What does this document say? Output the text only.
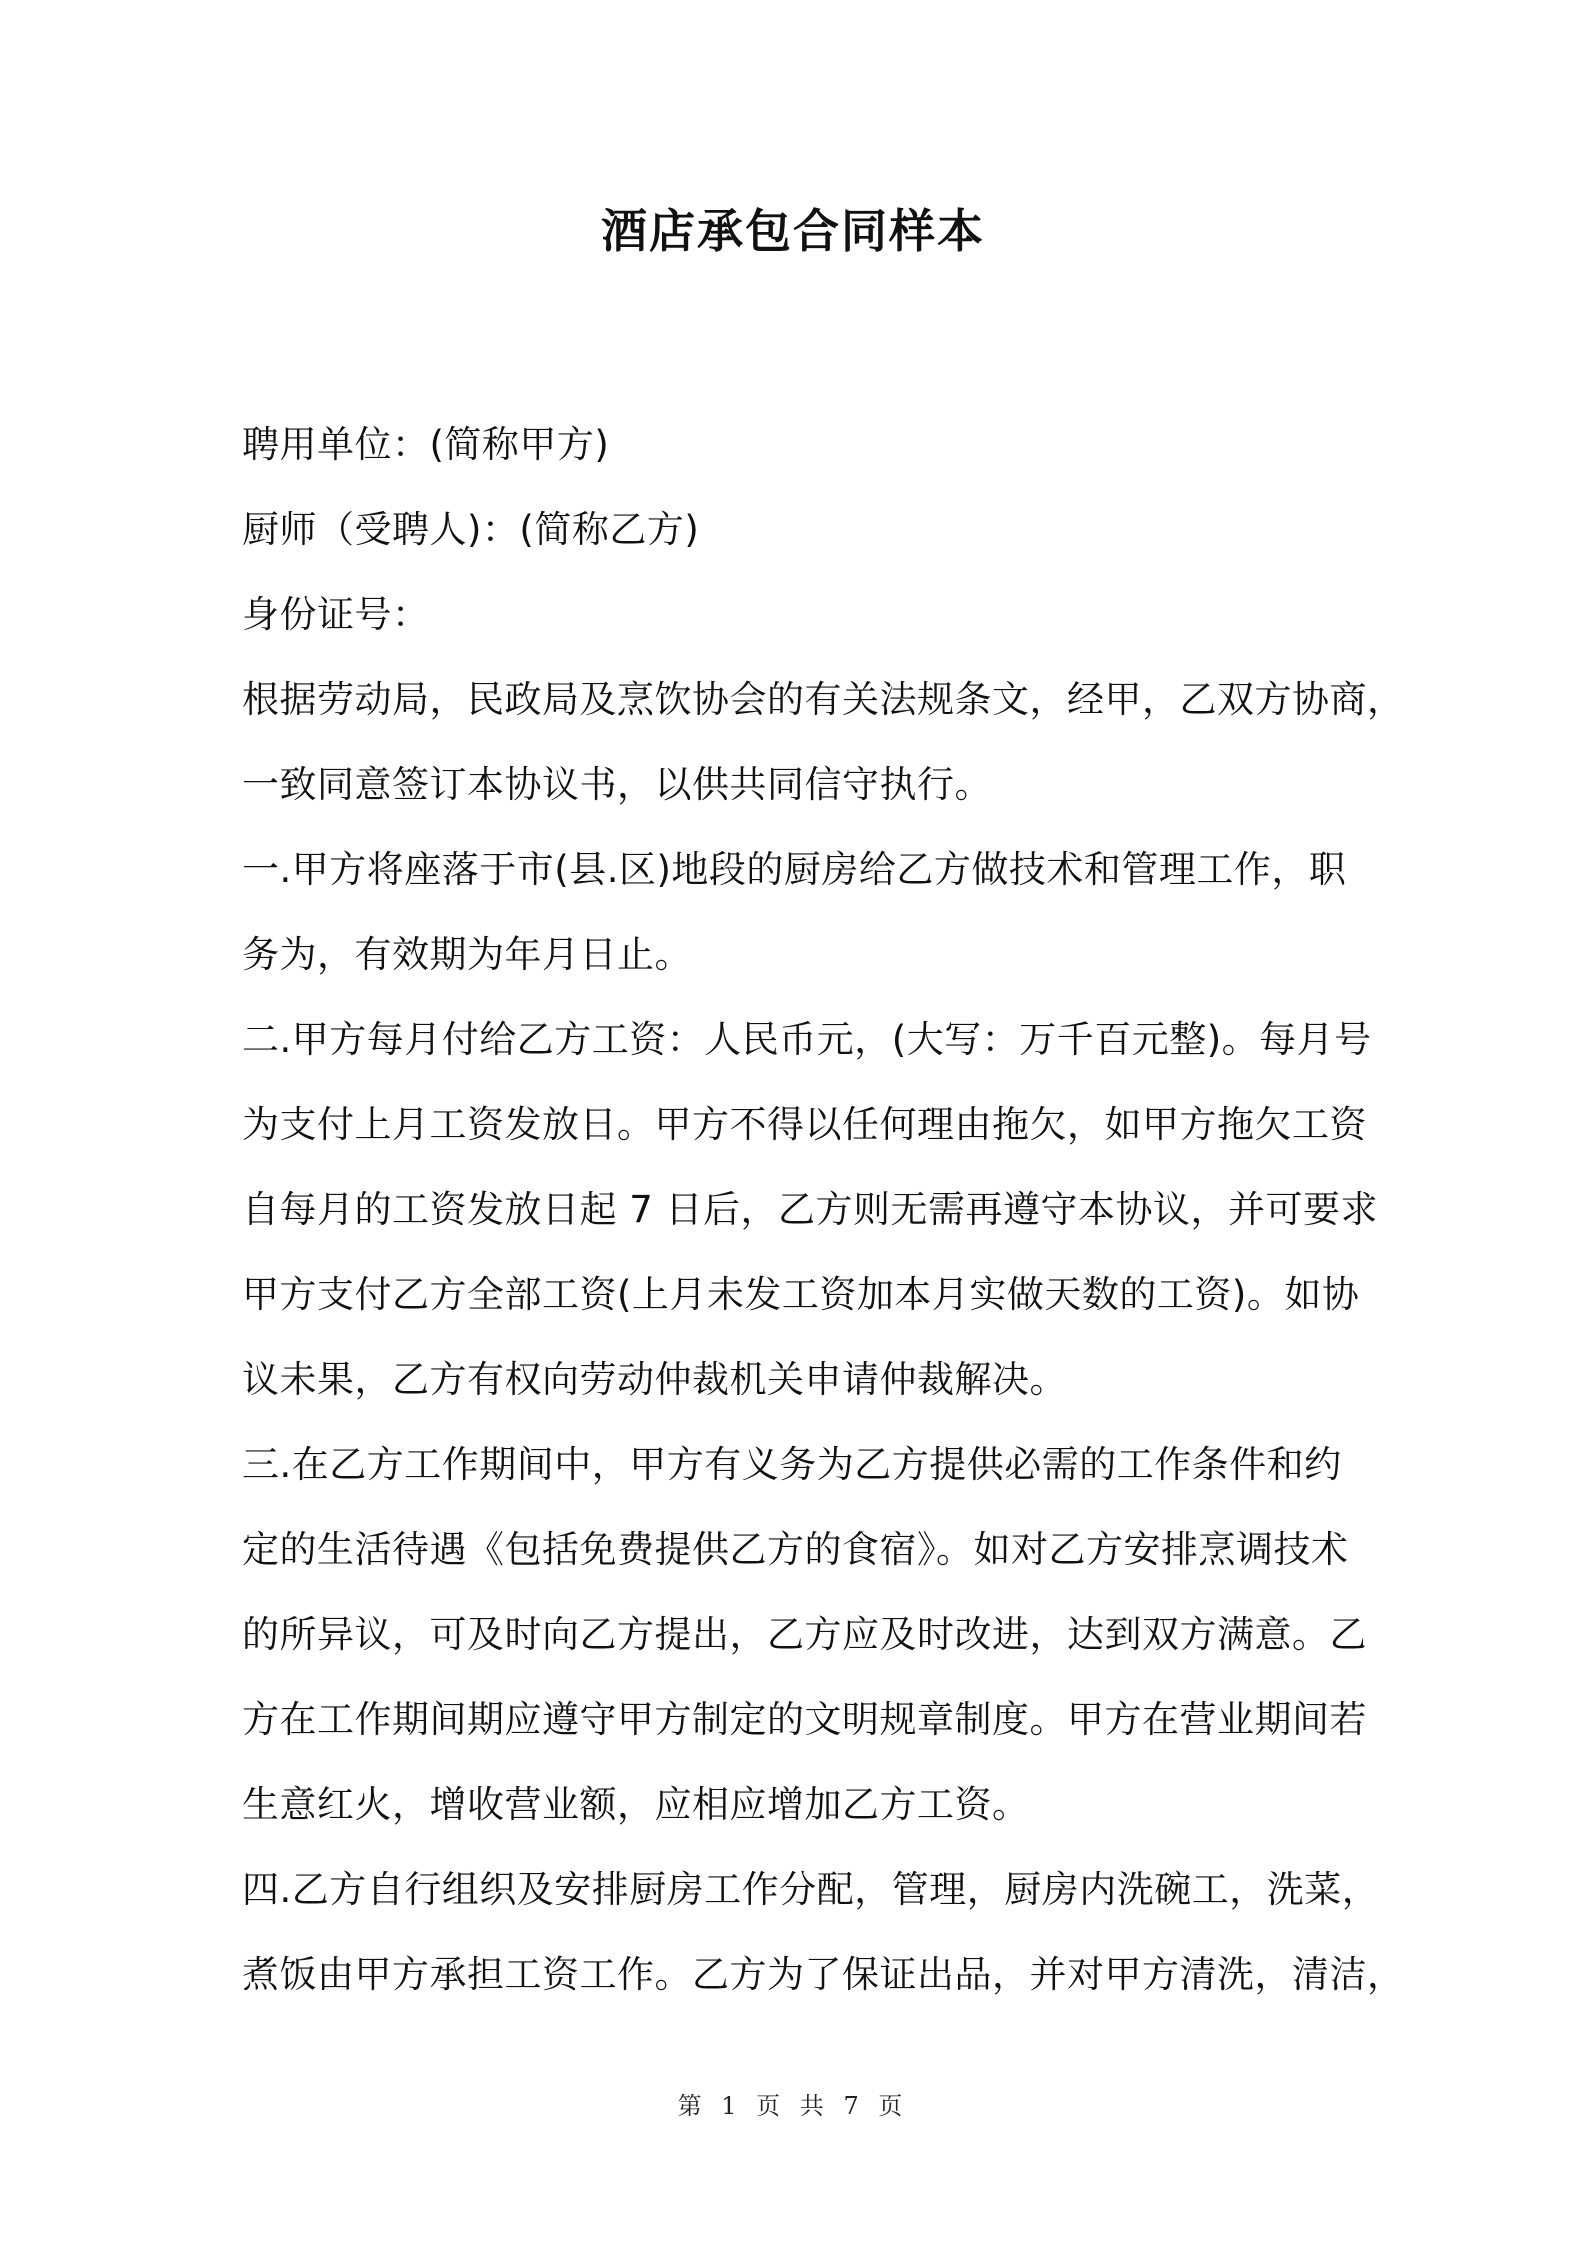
酒店承包合同样本
聘用单位：(简称甲方)
厨师（受聘人)：(简称乙方)
身份证号：
根据劳动局，民政局及烹饮协会的有关法规条文，经甲，乙双方协商，
一致同意签订本协议书，以供共同信守执行。
一.甲方将座落于市(县.区)地段的厨房给乙方做技术和管理工作，职
务为，有效期为年月日止。
二.甲方每月付给乙方工资：人民币元，(大写：万千百元整)。每月号
为支付上月工资发放日。甲方不得以任何理由拖欠，如甲方拖欠工资
自每月的工资发放日起 7 日后，乙方则无需再遵守本协议，并可要求
甲方支付乙方全部工资(上月未发工资加本月实做天数的工资)。如协
议未果，乙方有权向劳动仲裁机关申请仲裁解决。
三.在乙方工作期间中，甲方有义务为乙方提供必需的工作条件和约
定的生活待遇《包括免费提供乙方的食宿》。如对乙方安排烹调技术
的所异议，可及时向乙方提出，乙方应及时改进，达到双方满意。乙
方在工作期间期应遵守甲方制定的文明规章制度。甲方在营业期间若
生意红火，增收营业额，应相应增加乙方工资。
四.乙方自行组织及安排厨房工作分配，管理，厨房内洗碗工，洗菜，
煮饭由甲方承担工资工作。乙方为了保证出品，并对甲方清洗，清洁，
第 1 页 共 7 页
